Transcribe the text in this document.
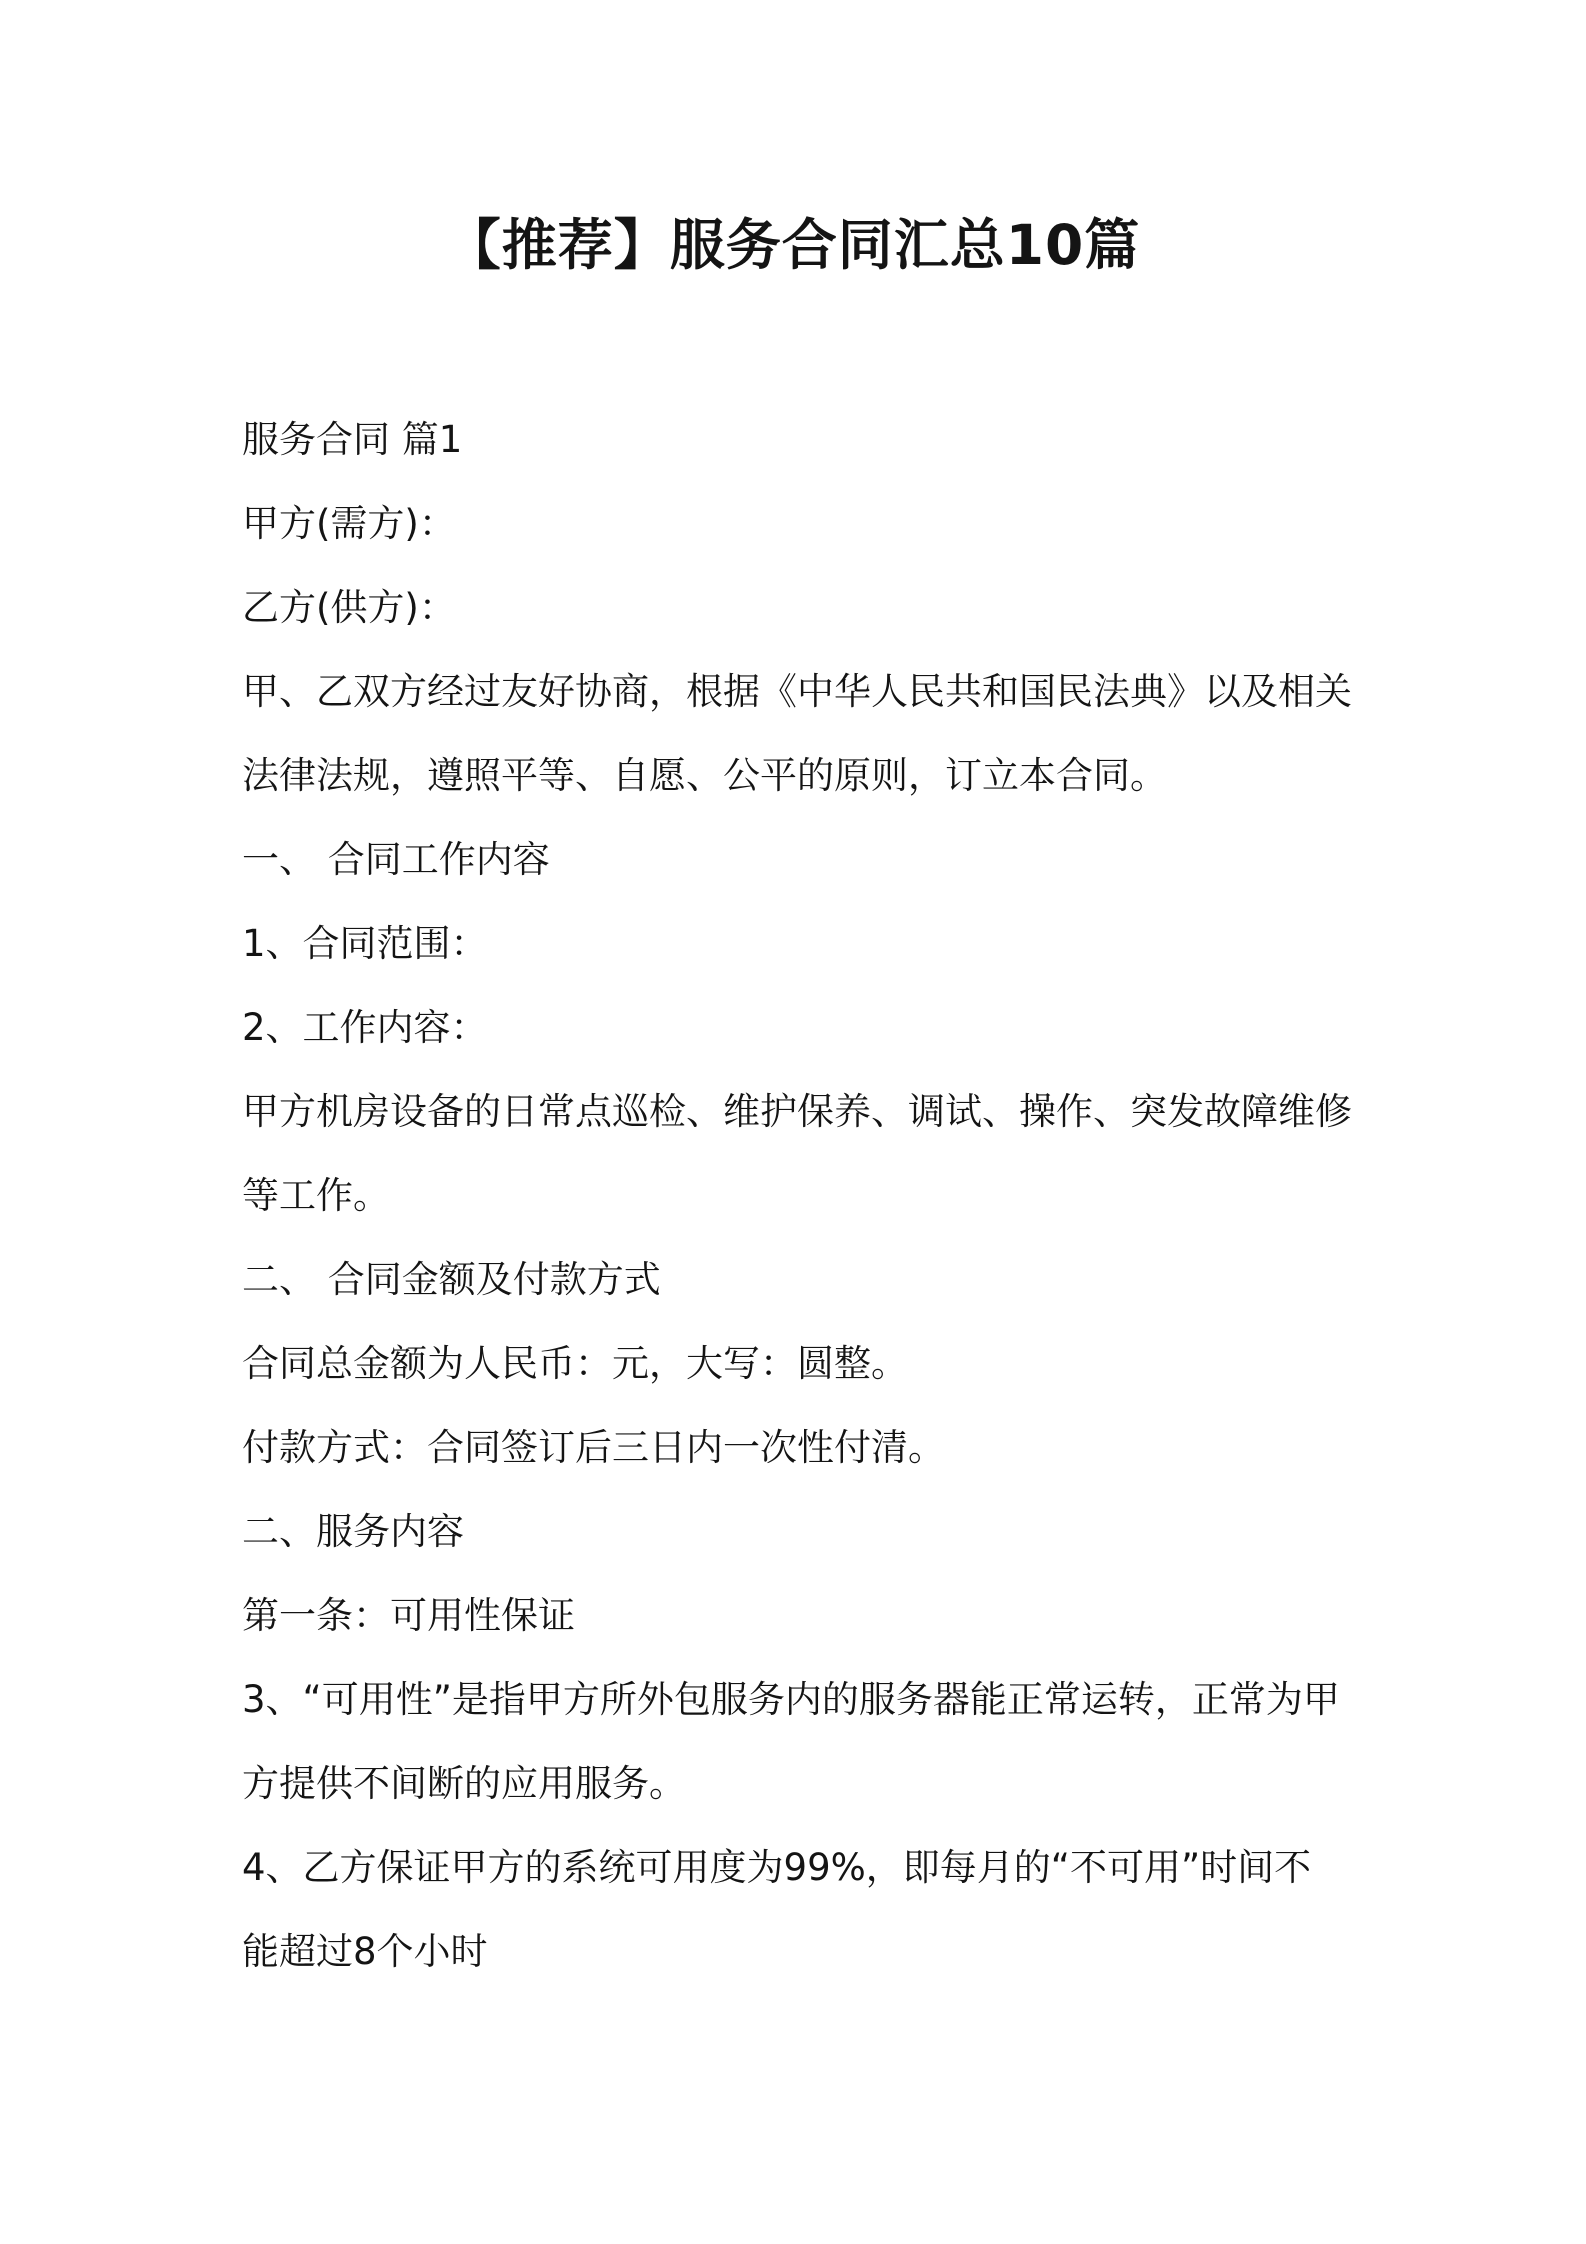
【推荐】服务合同汇总10篇

服务合同 篇1

甲方(需方)：

乙方(供方)：

甲、乙双方经过友好协商，根据《中华人民共和国民法典》以及相关

法律法规，遵照平等、自愿、公平的原则，订立本合同。

一、 合同工作内容

1、合同范围：

2、工作内容：

甲方机房设备的日常点巡检、维护保养、调试、操作、突发故障维修

等工作。

二、 合同金额及付款方式

合同总金额为人民币：元，大写：圆整。

付款方式：合同签订后三日内一次性付清。

二、服务内容

第一条：可用性保证

3、“可用性”是指甲方所外包服务内的服务器能正常运转，正常为甲

方提供不间断的应用服务。

4、乙方保证甲方的系统可用度为99%，即每月的“不可用”时间不

能超过8个小时
